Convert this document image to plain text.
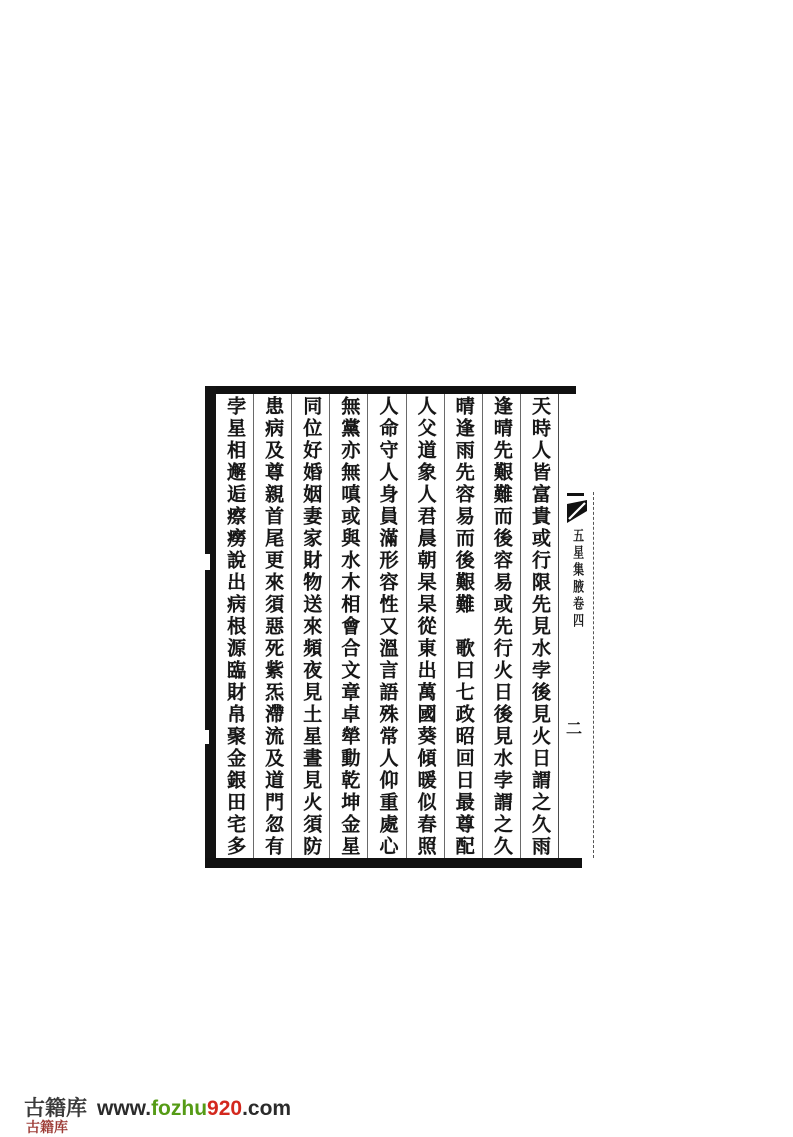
天時人皆富貴或行限先見水孛後見火日謂之久雨
逢晴先艱難而後容易或先行火日後見水孛謂之久
晴逢雨先容易而後艱難　歌曰七政昭回日最尊配
人父道象人君晨朝杲杲從東出萬國葵傾暖似春照
人命守人身員滿形容性又溫言語殊常人仰重處心
無黨亦無嗔或與水木相會合文章卓犖動乾坤金星
同位好婚姻妻家財物送來頻夜見土星晝見火須防
患病及尊親首尾更來須惡死紫炁滯流及道門忽有
孛星相邂逅瘵癆說出病根源臨財帛聚金銀田宅多	五星集腋卷四
二
古籍库 www.fozhu920.com
古籍库
